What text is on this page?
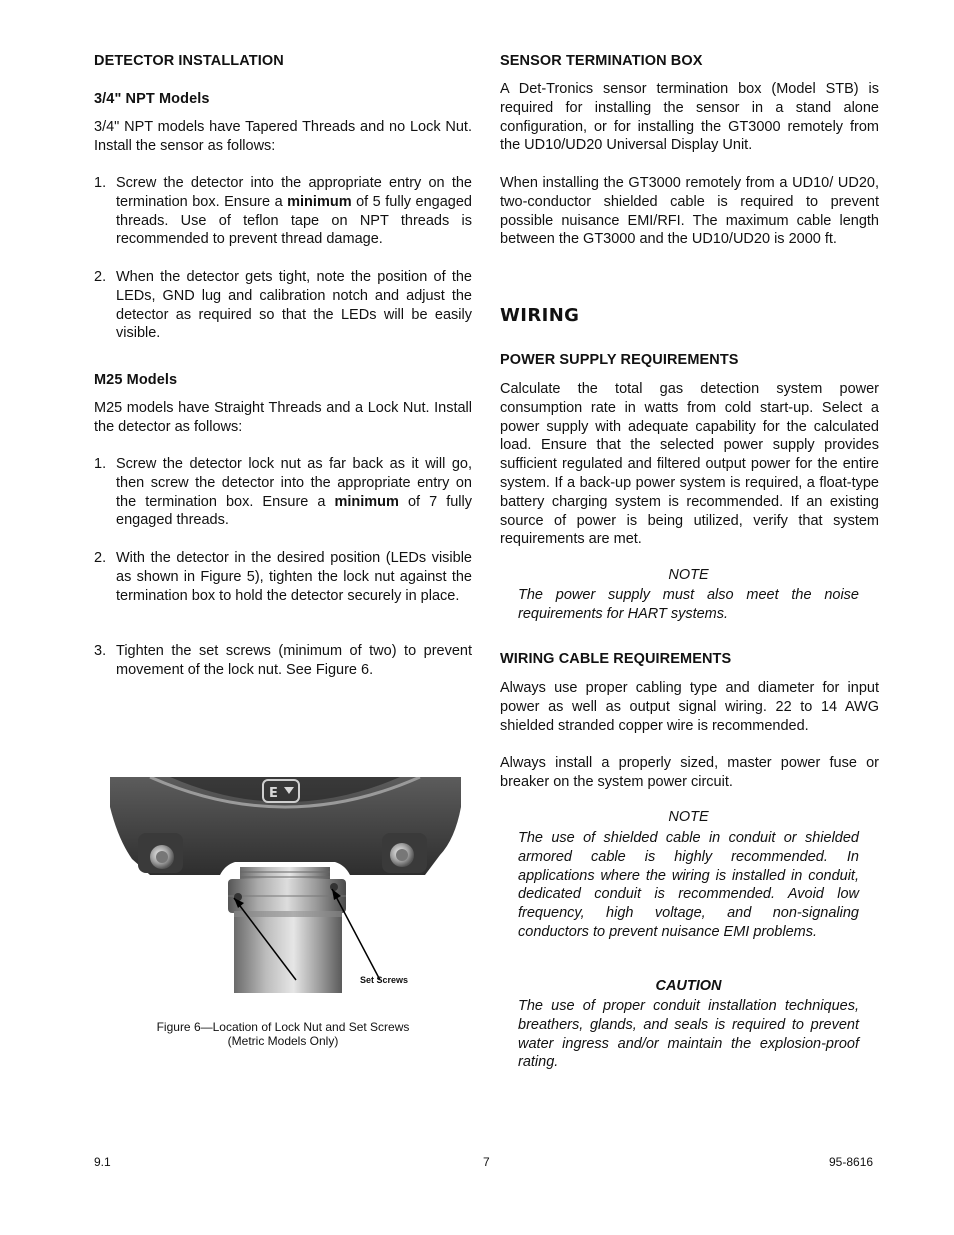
DETECTOR INSTALLATION
3/4" NPT Models

3/4" NPT models have Tapered Threads and no Lock Nut. Install the sensor as follows:

1. Screw the detector into the appropriate entry on the termination box. Ensure a minimum of 5 fully engaged threads. Use of teflon tape on NPT threads is recommended to prevent thread damage.
2. When the detector gets tight, note the position of the LEDs, GND lug and calibration notch and adjust the detector as required so that the LEDs will be easily visible.
M25 Models

M25 models have Straight Threads and a Lock Nut. Install the detector as follows:

1. Screw the detector lock nut as far back as it will go, then screw the detector into the appropriate entry on the termination box. Ensure a minimum of 7 fully engaged threads.
2. With the detector in the desired position (LEDs visible as shown in Figure 5), tighten the lock nut against the termination box to hold the detector securely in place.
3. Tighten the set screws (minimum of two) to prevent movement of the lock nut. See Figure 6.
E
Set Screws
Figure 6—Location of Lock Nut and Set Screws
(Metric Models Only)
SENSOR TERMINATION BOX

A Det-Tronics sensor termination box (Model STB) is required for installing the sensor in a stand alone configuration, or for installing the GT3000 remotely from the UD10/UD20 Universal Display Unit.

When installing the GT3000 remotely from a UD10/ UD20, two-conductor shielded cable is required to prevent possible nuisance EMI/RFI. The maximum cable length between the GT3000 and the UD10/UD20 is 2000 ft.

WIRING
POWER SUPPLY REQUIREMENTS

Calculate the total gas detection system power consumption rate in watts from cold start-up. Select a power supply with adequate capability for the calculated load. Ensure that the selected power supply provides sufficient regulated and filtered output power for the entire system. If a back-up power system is required, a float-type battery charging system is recommended. If an existing source of power is being utilized, verify that system requirements are met.

NOTE
The power supply must also meet the noise requirements for HART systems.
WIRING CABLE REQUIREMENTS

Always use proper cabling type and diameter for input power as well as output signal wiring. 22 to 14 AWG shielded stranded copper wire is recommended.

Always install a properly sized, master power fuse or breaker on the system power circuit.

NOTE
The use of shielded cable in conduit or shielded armored cable is highly recommended. In applications where the wiring is installed in conduit, dedicated conduit is recommended. Avoid low frequency, high voltage, and non-signaling conductors to prevent nuisance EMI problems.
CAUTION
The use of proper conduit installation techniques, breathers, glands, and seals is required to prevent water ingress and/or maintain the explosion-proof rating.
9.1	7	95-8616
